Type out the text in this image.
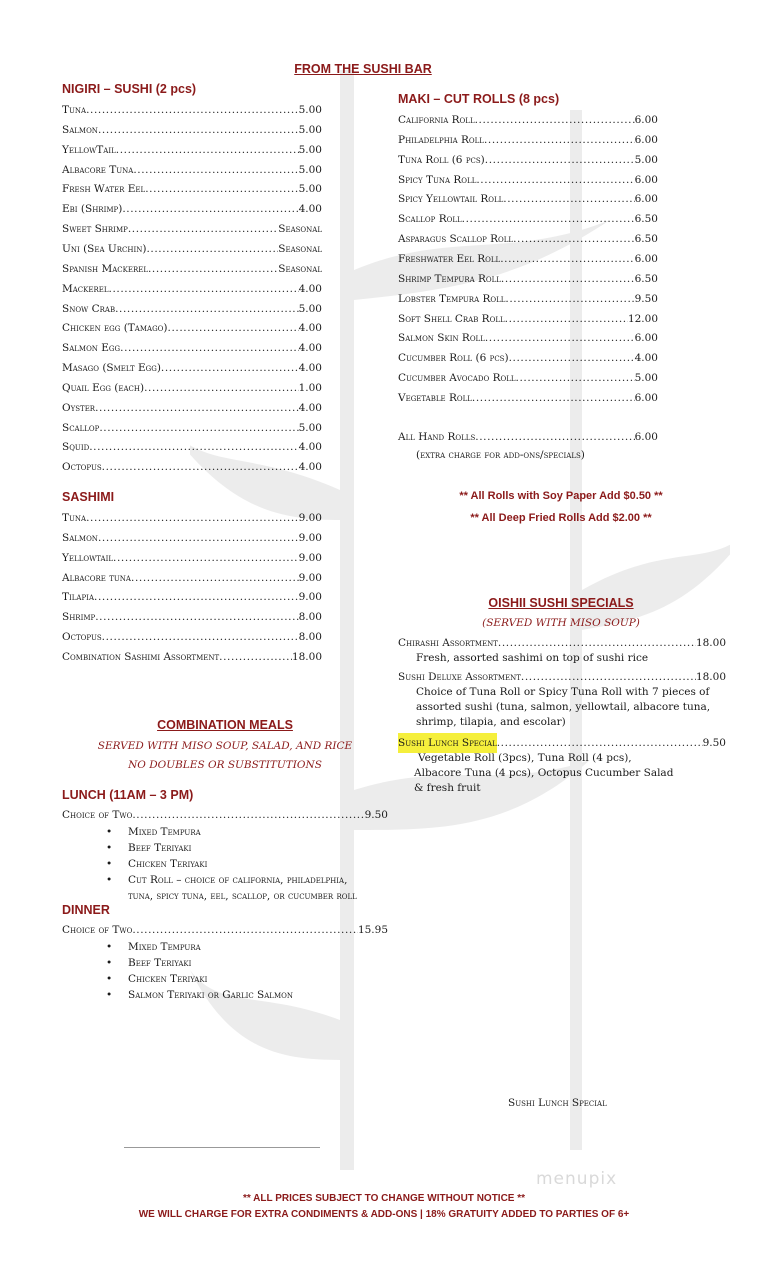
FROM THE SUSHI BAR
NIGIRI – SUSHI (2 pcs)
Tuna .....	5.00
Salmon .....	5.00
YellowTail .....	5.00
Albacore Tuna .....	5.00
Fresh Water Eel .....	5.00
Ebi (Shrimp) .....	4.00
Sweet Shrimp .....	Seasonal
Uni (Sea Urchin) .....	Seasonal
Spanish Mackerel .....	Seasonal
Mackerel .....	4.00
Snow Crab .....	5.00
Chicken egg (Tamago) .....	4.00
Salmon Egg .....	4.00
Masago (Smelt Egg) .....	4.00
Quail Egg (each) .....	1.00
Oyster .....	4.00
Scallop .....	5.00
Squid .....	4.00
Octopus .....	4.00
SASHIMI
Tuna .....	9.00
Salmon .....	9.00
Yellowtail .....	9.00
Albacore tuna .....	9.00
Tilapia .....	9.00
Shrimp .....	8.00
Octopus .....	8.00
Combination Sashimi Assortment .....	18.00
MAKI – CUT ROLLS (8 pcs)
California Roll .....	6.00
Philadelphia Roll .....	6.00
Tuna Roll (6 pcs) .....	5.00
Spicy Tuna Roll .....	6.00
Spicy Yellowtail Roll .....	6.00
Scallop Roll .....	6.50
Asparagus Scallop Roll .....	6.50
Freshwater Eel Roll .....	6.00
Shrimp Tempura Roll .....	6.50
Lobster Tempura Roll .....	9.50
Soft Shell Crab Roll .....	12.00
Salmon Skin Roll .....	6.00
Cucumber Roll (6 pcs) .....	4.00
Cucumber Avocado Roll .....	5.00
Vegetable Roll .....	6.00
All Hand Rolls .....	6.00
(extra charge for add-ons/specials)
** All Rolls with Soy Paper Add $0.50 **
** All Deep Fried Rolls Add $2.00 **
OISHII SUSHI SPECIALS
(SERVED WITH MISO SOUP)
Chirashi Assortment .....	18.00
Fresh, assorted sashimi on top of sushi rice
Sushi Deluxe Assortment .....	18.00
Choice of Tuna Roll or Spicy Tuna Roll with 7 pieces of
assorted sushi (tuna, salmon, yellowtail, albacore tuna,
shrimp, tilapia, and escolar)
Sushi Lunch Special .....	9.50
Vegetable Roll (3pcs), Tuna Roll (4 pcs),
Albacore Tuna (4 pcs), Octopus Cucumber Salad
& fresh fruit
COMBINATION MEALS
SERVED WITH MISO SOUP, SALAD, AND RICE
NO DOUBLES OR SUBSTITUTIONS
LUNCH (11AM – 3 PM)
Choice of Two .....	9.50
• Mixed Tempura
• Beef Teriyaki
• Chicken Teriyaki
• Cut Roll – choice of california, philadelphia,
tuna, spicy tuna, eel, scallop, or cucumber roll
DINNER
Choice of Two .....	15.95
• Mixed Tempura
• Beef Teriyaki
• Chicken Teriyaki
• Salmon Teriyaki or Garlic Salmon
Sushi Lunch Special
menupix
** ALL PRICES SUBJECT TO CHANGE WITHOUT NOTICE **
WE WILL CHARGE FOR EXTRA CONDIMENTS & ADD-ONS | 18% GRATUITY ADDED TO PARTIES OF 6+
